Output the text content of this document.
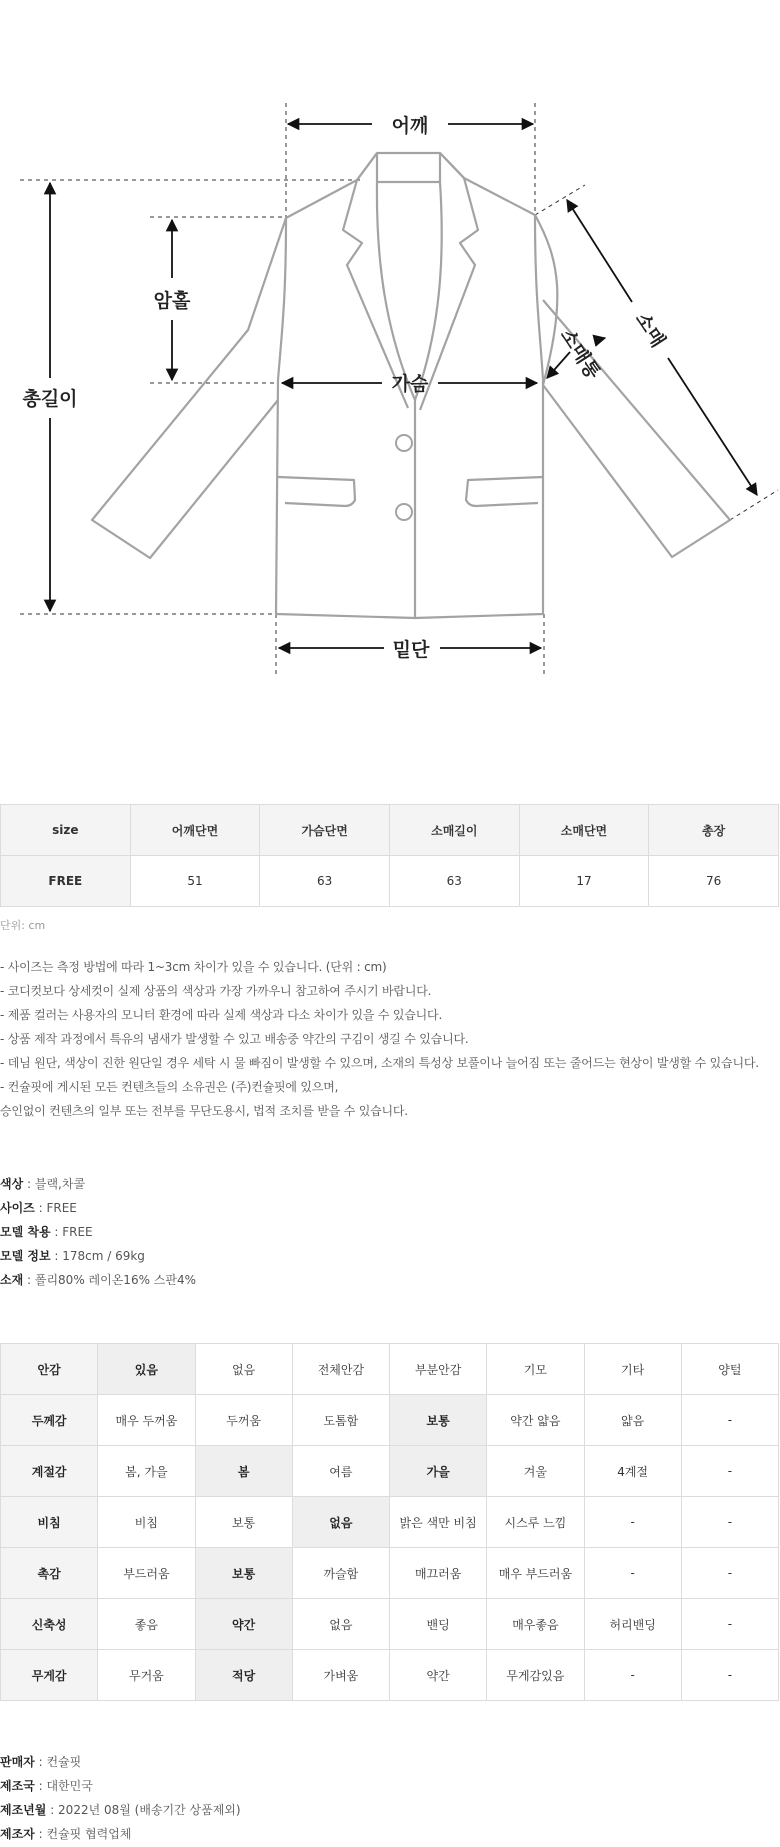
어깨
암홀
총길이
가슴
밑단
소매
소매통
size	어깨단면	가슴단면	소매길이	소매단면	총장
FREE	51	63	63	17	76
단위: cm

- 사이즈는 측정 방법에 따라 1~3cm 차이가 있을 수 있습니다. (단위 : cm)

- 코디컷보다 상세컷이 실제 상품의 색상과 가장 가까우니 참고하여 주시기 바랍니다.

- 제품 컬러는 사용자의 모니터 환경에 따라 실제 색상과 다소 차이가 있을 수 있습니다.

- 상품 제작 과정에서 특유의 냄새가 발생할 수 있고 배송중 약간의 구김이 생길 수 있습니다.

- 데님 원단, 색상이 진한 원단일 경우 세탁 시 물 빠짐이 발생할 수 있으며, 소재의 특성상 보풀이나 늘어짐 또는 줄어드는 현상이 발생할 수 있습니다.

- 컨슐핏에 게시된 모든 컨텐츠들의 소유권은 (주)컨슐핏에 있으며,

승인없이 컨텐츠의 일부 또는 전부를 무단도용시, 법적 조치를 받을 수 있습니다.

색상 : 블랙,차콜

사이즈 : FREE

모델 착용 : FREE

모델 정보 : 178cm / 69kg

소재 : 폴리80% 레이온16% 스판4%

안감	있음	없음	전체안감	부분안감	기모	기타	양털
두께감	매우 두꺼움	두꺼움	도톰함	보통	약간 얇음	얇음	-
계절감	봄, 가을	봄	여름	가을	겨울	4계절	-
비침	비침	보통	없음	밝은 색만 비침	시스루 느낌	-	-
촉감	부드러움	보통	까슬함	매끄러움	매우 부드러움	-	-
신축성	좋음	약간	없음	밴딩	매우좋음	허리밴딩	-
무게감	무거움	적당	가벼움	약간	무게감있음	-	-

판매자 : 컨슐핏

제조국 : 대한민국

제조년월 : 2022년 08월 (배송기간 상품제외)

제조자 : 컨슐핏 협력업체
